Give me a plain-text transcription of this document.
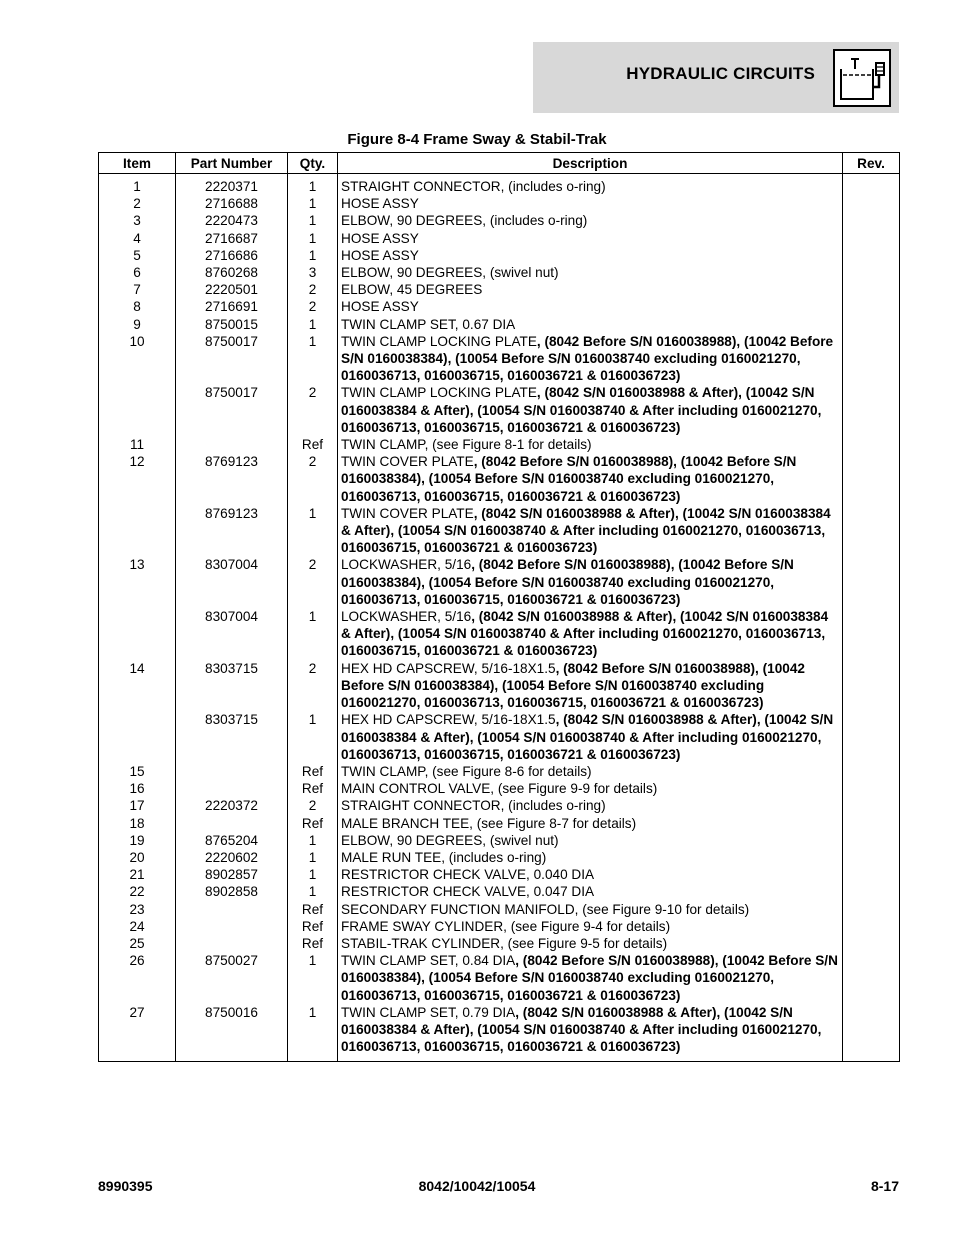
HYDRAULIC CIRCUITS
Figure 8-4 Frame Sway & Stabil-Trak
Item	Part Number	Qty.	Description	Rev.
1	2220371	1	STRAIGHT CONNECTOR, (includes o-ring)	
2	2716688	1	HOSE ASSY	
3	2220473	1	ELBOW, 90 DEGREES, (includes o-ring)	
4	2716687	1	HOSE ASSY	
5	2716686	1	HOSE ASSY	
6	8760268	3	ELBOW, 90 DEGREES, (swivel nut)	
7	2220501	2	ELBOW, 45 DEGREES	
8	2716691	2	HOSE ASSY	
9	8750015	1	TWIN CLAMP SET, 0.67 DIA	
10	8750017	1	TWIN CLAMP LOCKING PLATE, (8042 Before S/N 0160038988), (10042 Before S/N 0160038384), (10054 Before S/N 0160038740 excluding 0160021270, 0160036713, 0160036715, 0160036721 & 0160036723)	
	8750017	2	TWIN CLAMP LOCKING PLATE, (8042 S/N 0160038988 & After), (10042 S/N 0160038384 & After), (10054 S/N 0160038740 & After including 0160021270, 0160036713, 0160036715, 0160036721 & 0160036723)	
11		Ref	TWIN CLAMP, (see Figure 8-1 for details)	
12	8769123	2	TWIN COVER PLATE, (8042 Before S/N 0160038988), (10042 Before S/N 0160038384), (10054 Before S/N 0160038740 excluding 0160021270, 0160036713, 0160036715, 0160036721 & 0160036723)	
	8769123	1	TWIN COVER PLATE, (8042 S/N 0160038988 & After), (10042 S/N 0160038384 & After), (10054 S/N 0160038740 & After including 0160021270, 0160036713, 0160036715, 0160036721 & 0160036723)	
13	8307004	2	LOCKWASHER, 5/16, (8042 Before S/N 0160038988), (10042 Before S/N 0160038384), (10054 Before S/N 0160038740 excluding 0160021270, 0160036713, 0160036715, 0160036721 & 0160036723)	
	8307004	1	LOCKWASHER, 5/16, (8042 S/N 0160038988 & After), (10042 S/N 0160038384 & After), (10054 S/N 0160038740 & After including 0160021270, 0160036713, 0160036715, 0160036721 & 0160036723)	
14	8303715	2	HEX HD CAPSCREW, 5/16-18X1.5, (8042 Before S/N 0160038988), (10042 Before S/N 0160038384), (10054 Before S/N 0160038740 excluding 0160021270, 0160036713, 0160036715, 0160036721 & 0160036723)	
	8303715	1	HEX HD CAPSCREW, 5/16-18X1.5, (8042 S/N 0160038988 & After), (10042 S/N 0160038384 & After), (10054 S/N 0160038740 & After including 0160021270, 0160036713, 0160036715, 0160036721 & 0160036723)	
15		Ref	TWIN CLAMP, (see Figure 8-6 for details)	
16		Ref	MAIN CONTROL VALVE, (see Figure 9-9 for details)	
17	2220372	2	STRAIGHT CONNECTOR, (includes o-ring)	
18		Ref	MALE BRANCH TEE, (see Figure 8-7 for details)	
19	8765204	1	ELBOW, 90 DEGREES, (swivel nut)	
20	2220602	1	MALE RUN TEE, (includes o-ring)	
21	8902857	1	RESTRICTOR CHECK VALVE, 0.040 DIA	
22	8902858	1	RESTRICTOR CHECK VALVE, 0.047 DIA	
23		Ref	SECONDARY FUNCTION MANIFOLD, (see Figure 9-10 for details)	
24		Ref	FRAME SWAY CYLINDER, (see Figure 9-4 for details)	
25		Ref	STABIL-TRAK CYLINDER, (see Figure 9-5 for details)	
26	8750027	1	TWIN CLAMP SET, 0.84 DIA, (8042 Before S/N 0160038988), (10042 Before S/N 0160038384), (10054 Before S/N 0160038740 excluding 0160021270, 0160036713, 0160036715, 0160036721 & 0160036723)	
27	8750016	1	TWIN CLAMP SET, 0.79 DIA, (8042 S/N 0160038988 & After), (10042 S/N 0160038384 & After), (10054 S/N 0160038740 & After including 0160021270, 0160036713, 0160036715, 0160036721 & 0160036723)	

8990395	8042/10042/10054	8-17
